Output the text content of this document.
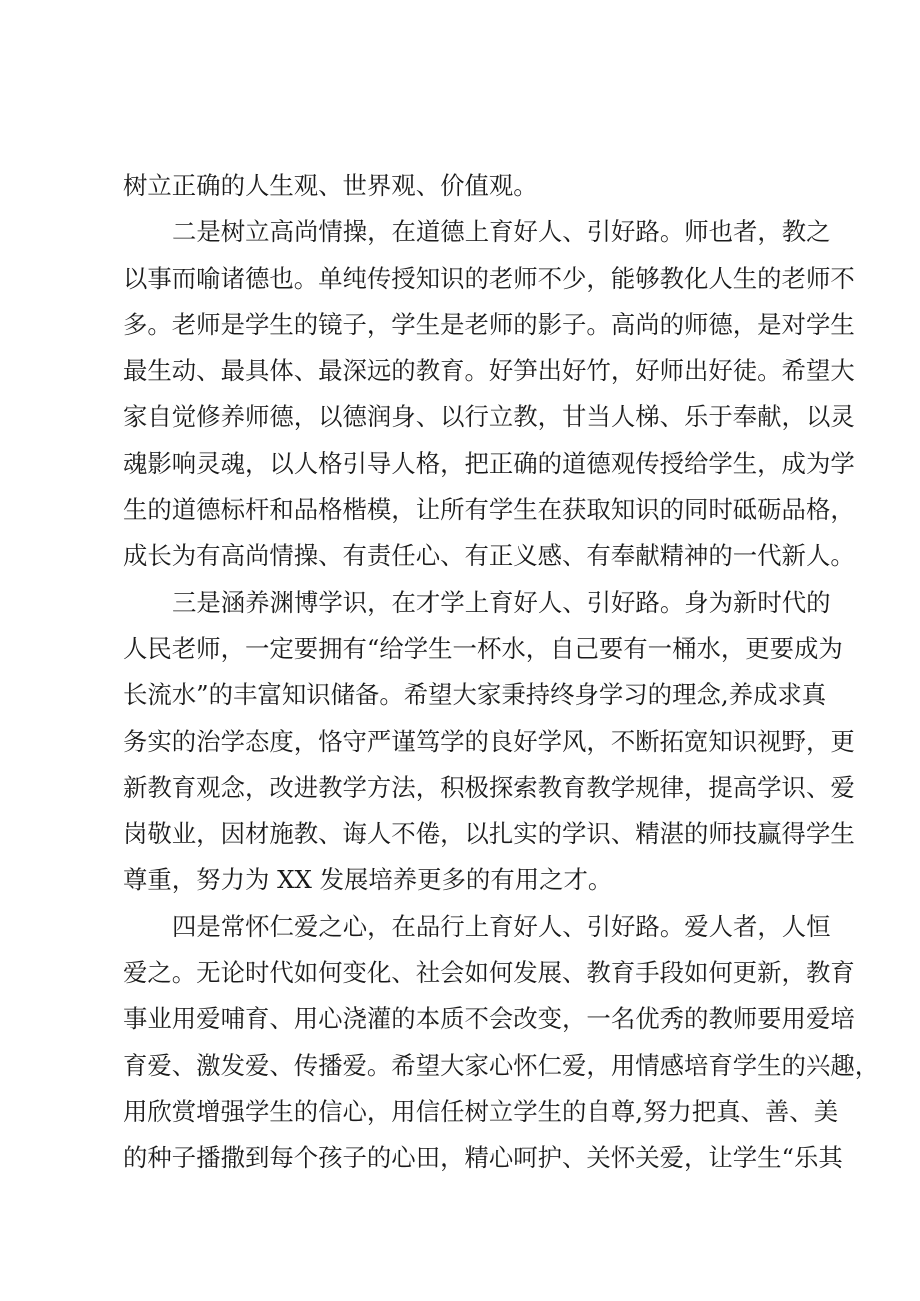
树立正确的人生观、世界观、价值观。
二是树立高尚情操，在道德上育好人、引好路。师也者，教之
以事而喻诸德也。单纯传授知识的老师不少，能够教化人生的老师不
多。老师是学生的镜子，学生是老师的影子。高尚的师德，是对学生
最生动、最具体、最深远的教育。好笋出好竹，好师出好徒。希望大
家自觉修养师德，以德润身、以行立教，甘当人梯、乐于奉献，以灵
魂影响灵魂，以人格引导人格，把正确的道德观传授给学生，成为学
生的道德标杆和品格楷模，让所有学生在获取知识的同时砥砺品格，
成长为有高尚情操、有责任心、有正义感、有奉献精神的一代新人。
三是涵养渊博学识，在才学上育好人、引好路。身为新时代的
人民老师，一定要拥有“给学生一杯水，自己要有一桶水，更要成为
长流水”的丰富知识储备。希望大家秉持终身学习的理念,养成求真
务实的治学态度，恪守严谨笃学的良好学风，不断拓宽知识视野，更
新教育观念，改进教学方法，积极探索教育教学规律，提高学识、爱
岗敬业，因材施教、诲人不倦，以扎实的学识、精湛的师技赢得学生
尊重，努力为 XX 发展培养更多的有用之才。
四是常怀仁爱之心，在品行上育好人、引好路。爱人者，人恒
爱之。无论时代如何变化、社会如何发展、教育手段如何更新，教育
事业用爱哺育、用心浇灌的本质不会改变，一名优秀的教师要用爱培
育爱、激发爱、传播爱。希望大家心怀仁爱，用情感培育学生的兴趣，
用欣赏增强学生的信心，用信任树立学生的自尊,努力把真、善、美
的种子播撒到每个孩子的心田，精心呵护、关怀关爱，让学生“乐其
